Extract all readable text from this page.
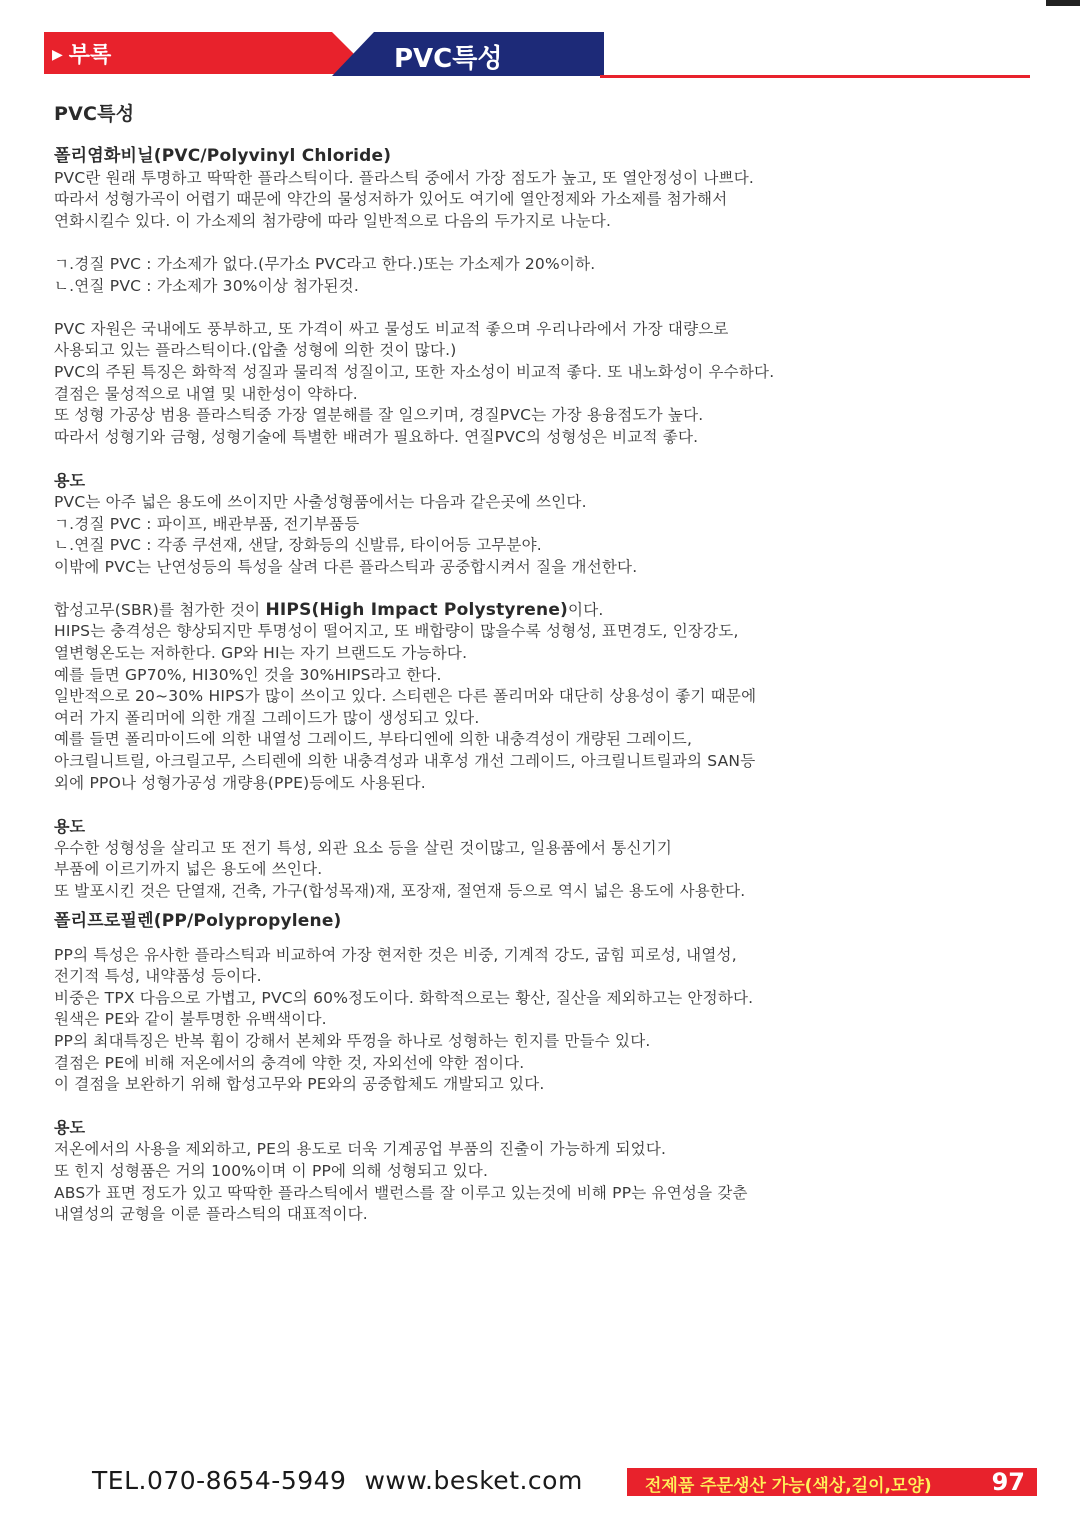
▶ 부록	PVC특성
PVC특성
폴리염화비닐(PVC/Polyvinyl Chloride)

PVC란 원래 투명하고 딱딱한 플라스틱이다. 플라스틱 중에서 가장 점도가 높고, 또 열안정성이 나쁘다.

따라서 성형가곡이 어렵기 때문에 약간의 물성저하가 있어도 여기에 열안정제와 가소제를 첨가해서

연화시킬수 있다. 이 가소제의 첨가량에 따라 일반적으로 다음의 두가지로 나눈다.

ㄱ.경질 PVC : 가소제가 없다.(무가소 PVC라고 한다.)또는 가소제가 20%이하.

ㄴ.연질 PVC : 가소제가 30%이상 첨가된것.

PVC 자원은 국내에도 풍부하고, 또 가격이 싸고 물성도 비교적 좋으며 우리나라에서 가장 대량으로

사용되고 있는 플라스틱이다.(압출 성형에 의한 것이 많다.)

PVC의 주된 특징은 화학적 성질과 물리적 성질이고, 또한 자소성이 비교적 좋다. 또 내노화성이 우수하다.

결점은 물성적으로 내열 및 내한성이 약하다.

또 성형 가공상 범용 플라스틱중 가장 열분해를 잘 일으키며, 경질PVC는 가장 용융점도가 높다.

따라서 성형기와 금형, 성형기술에 특별한 배려가 필요하다. 연질PVC의 성형성은 비교적 좋다.

용도

PVC는 아주 넓은 용도에 쓰이지만 사출성형품에서는 다음과 같은곳에 쓰인다.

ㄱ.경질 PVC : 파이프, 배관부품, 전기부품등

ㄴ.연질 PVC : 각종 쿠션재, 샌달, 장화등의 신발류, 타이어등 고무분야.

이밖에 PVC는 난연성등의 특성을 살려 다른 플라스틱과 공중합시켜서 질을 개선한다.

합성고무(SBR)를 첨가한 것이 HIPS(High Impact Polystyrene)이다.

HIPS는 충격성은 향상되지만 투명성이 떨어지고, 또 배합량이 많을수록 성형성, 표면경도, 인장강도,

열변형온도는 저하한다. GP와 HI는 자기 브랜드도 가능하다.

예를 들면 GP70%, HI30%인 것을 30%HIPS라고 한다.

일반적으로 20~30% HIPS가 많이 쓰이고 있다. 스티렌은 다른 폴리머와 대단히 상용성이 좋기 때문에

여러 가지 폴리머에 의한 개질 그레이드가 많이 생성되고 있다.

예를 들면 폴리마이드에 의한 내열성 그레이드, 부타디엔에 의한 내충격성이 개량된 그레이드,

아크릴니트릴, 아크릴고무, 스티렌에 의한 내충격성과 내후성 개선 그레이드, 아크릴니트릴과의 SAN등

외에 PPO나 성형가공성 개량용(PPE)등에도 사용된다.

용도

우수한 성형성을 살리고 또 전기 특성, 외관 요소 등을 살린 것이많고, 일용품에서 통신기기

부품에 이르기까지 넓은 용도에 쓰인다.

또 발포시킨 것은 단열재, 건축, 가구(합성목재)재, 포장재, 절연재 등으로 역시 넓은 용도에 사용한다.

폴리프로필렌(PP/Polypropylene)

PP의 특성은 유사한 플라스틱과 비교하여 가장 현저한 것은 비중, 기계적 강도, 굽힘 피로성, 내열성,

전기적 특성, 내약품성 등이다.

비중은 TPX 다음으로 가볍고, PVC의 60%정도이다. 화학적으로는 황산, 질산을 제외하고는 안정하다.

원색은 PE와 같이 불투명한 유백색이다.

PP의 최대특징은 반복 휨이 강해서 본체와 뚜껑을 하나로 성형하는 힌지를 만들수 있다.

결점은 PE에 비해 저온에서의 충격에 약한 것, 자외선에 약한 점이다.

이 결점을 보완하기 위해 합성고무와 PE와의 공중합체도 개발되고 있다.

용도

저온에서의 사용을 제외하고, PE의 용도로 더욱 기계공업 부품의 진출이 가능하게 되었다.

또 힌지 성형품은 거의 100%이며 이 PP에 의해 성형되고 있다.

ABS가 표면 정도가 있고 딱딱한 플라스틱에서 밸런스를 잘 이루고 있는것에 비해 PP는 유연성을 갖춘

내열성의 균형을 이룬 플라스틱의 대표적이다.

TEL.070-8654-5949 www.besket.com	전제품 주문생산 가능(색상,길이,모양) 97
